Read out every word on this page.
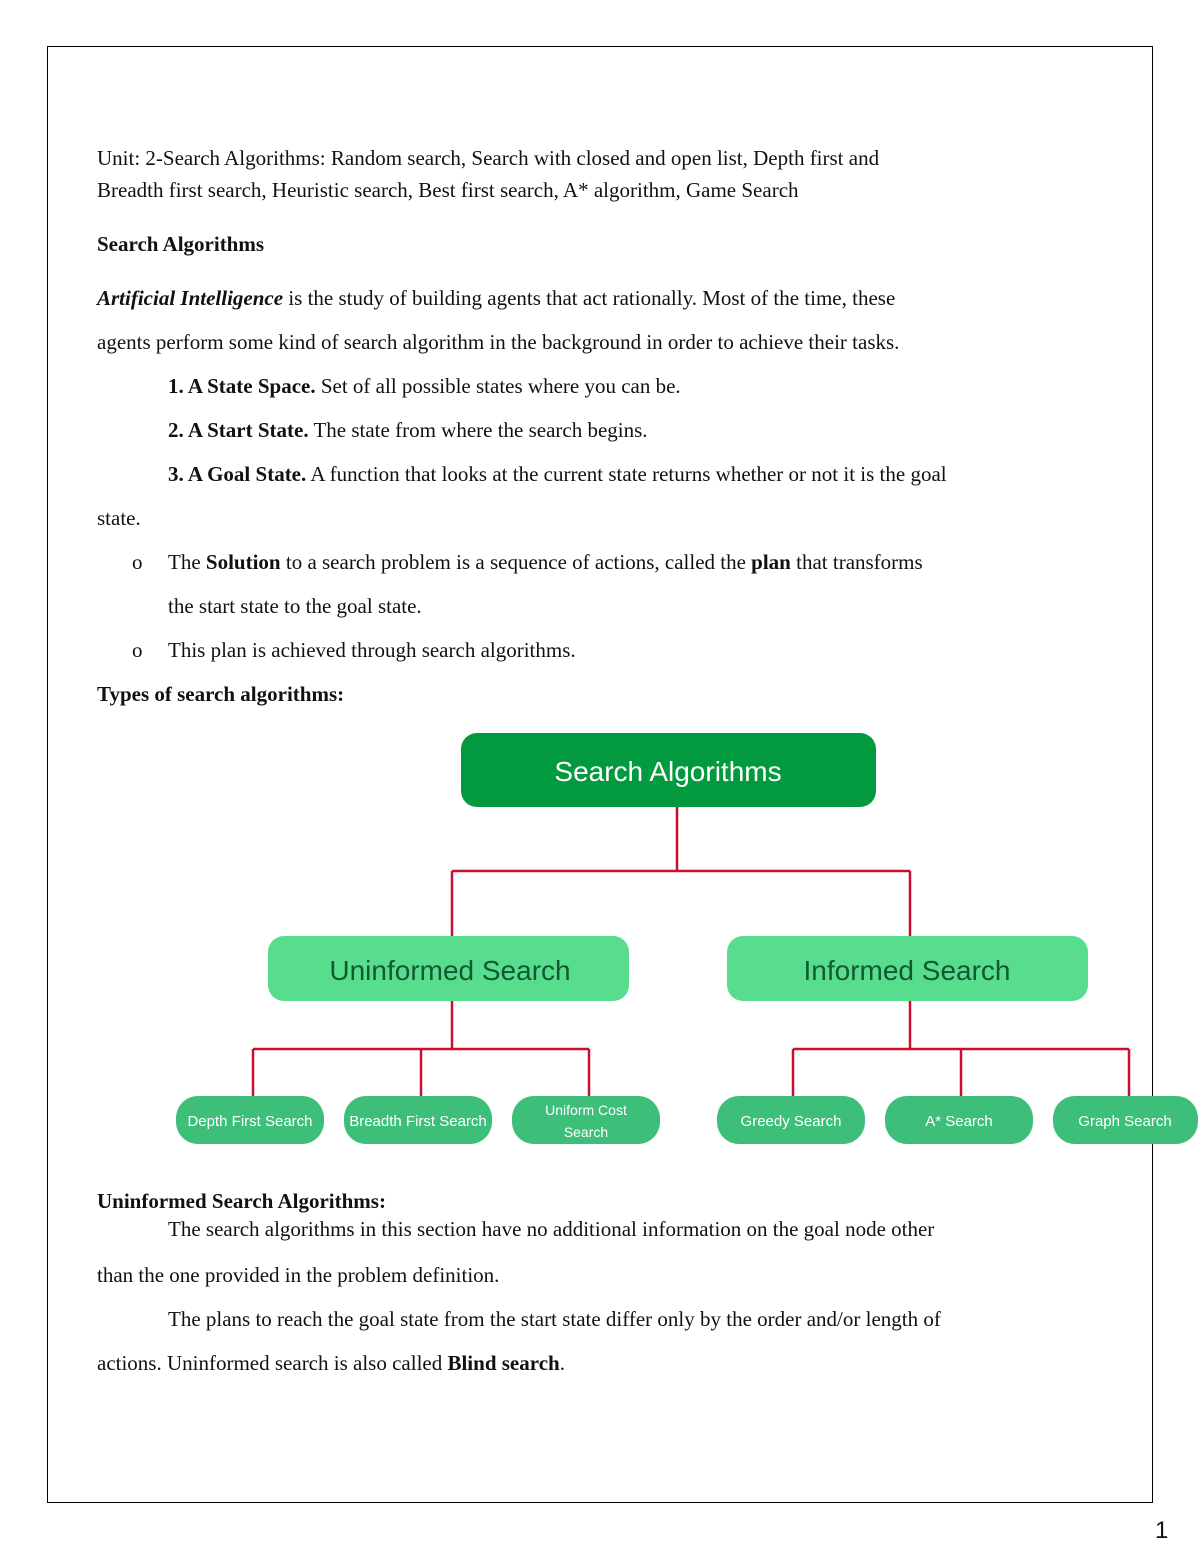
Unit: 2-Search Algorithms: Random search, Search with closed and open list, Depth first and
Breadth first search, Heuristic search, Best first search, A* algorithm, Game Search
Search Algorithms
Artificial Intelligence is the study of building agents that act rationally. Most of the time, these
agents perform some kind of search algorithm in the background in order to achieve their tasks.
1. A State Space. Set of all possible states where you can be.
2. A Start State. The state from where the search begins.
3. A Goal State. A function that looks at the current state returns whether or not it is the goal
state.
o The Solution to a search problem is a sequence of actions, called the plan that transforms
the start state to the goal state.
o This plan is achieved through search algorithms.
Types of search algorithms:
Search Algorithms
Uninformed Search	Informed Search
Depth First Search Breadth First Search
Uniform Cost
Search
Greedy Search	A* Search	Graph Search
Uninformed Search Algorithms:
The search algorithms in this section have no additional information on the goal node other
than the one provided in the problem definition.
The plans to reach the goal state from the start state differ only by the order and/or length of
actions. Uninformed search is also called Blind search.
1
